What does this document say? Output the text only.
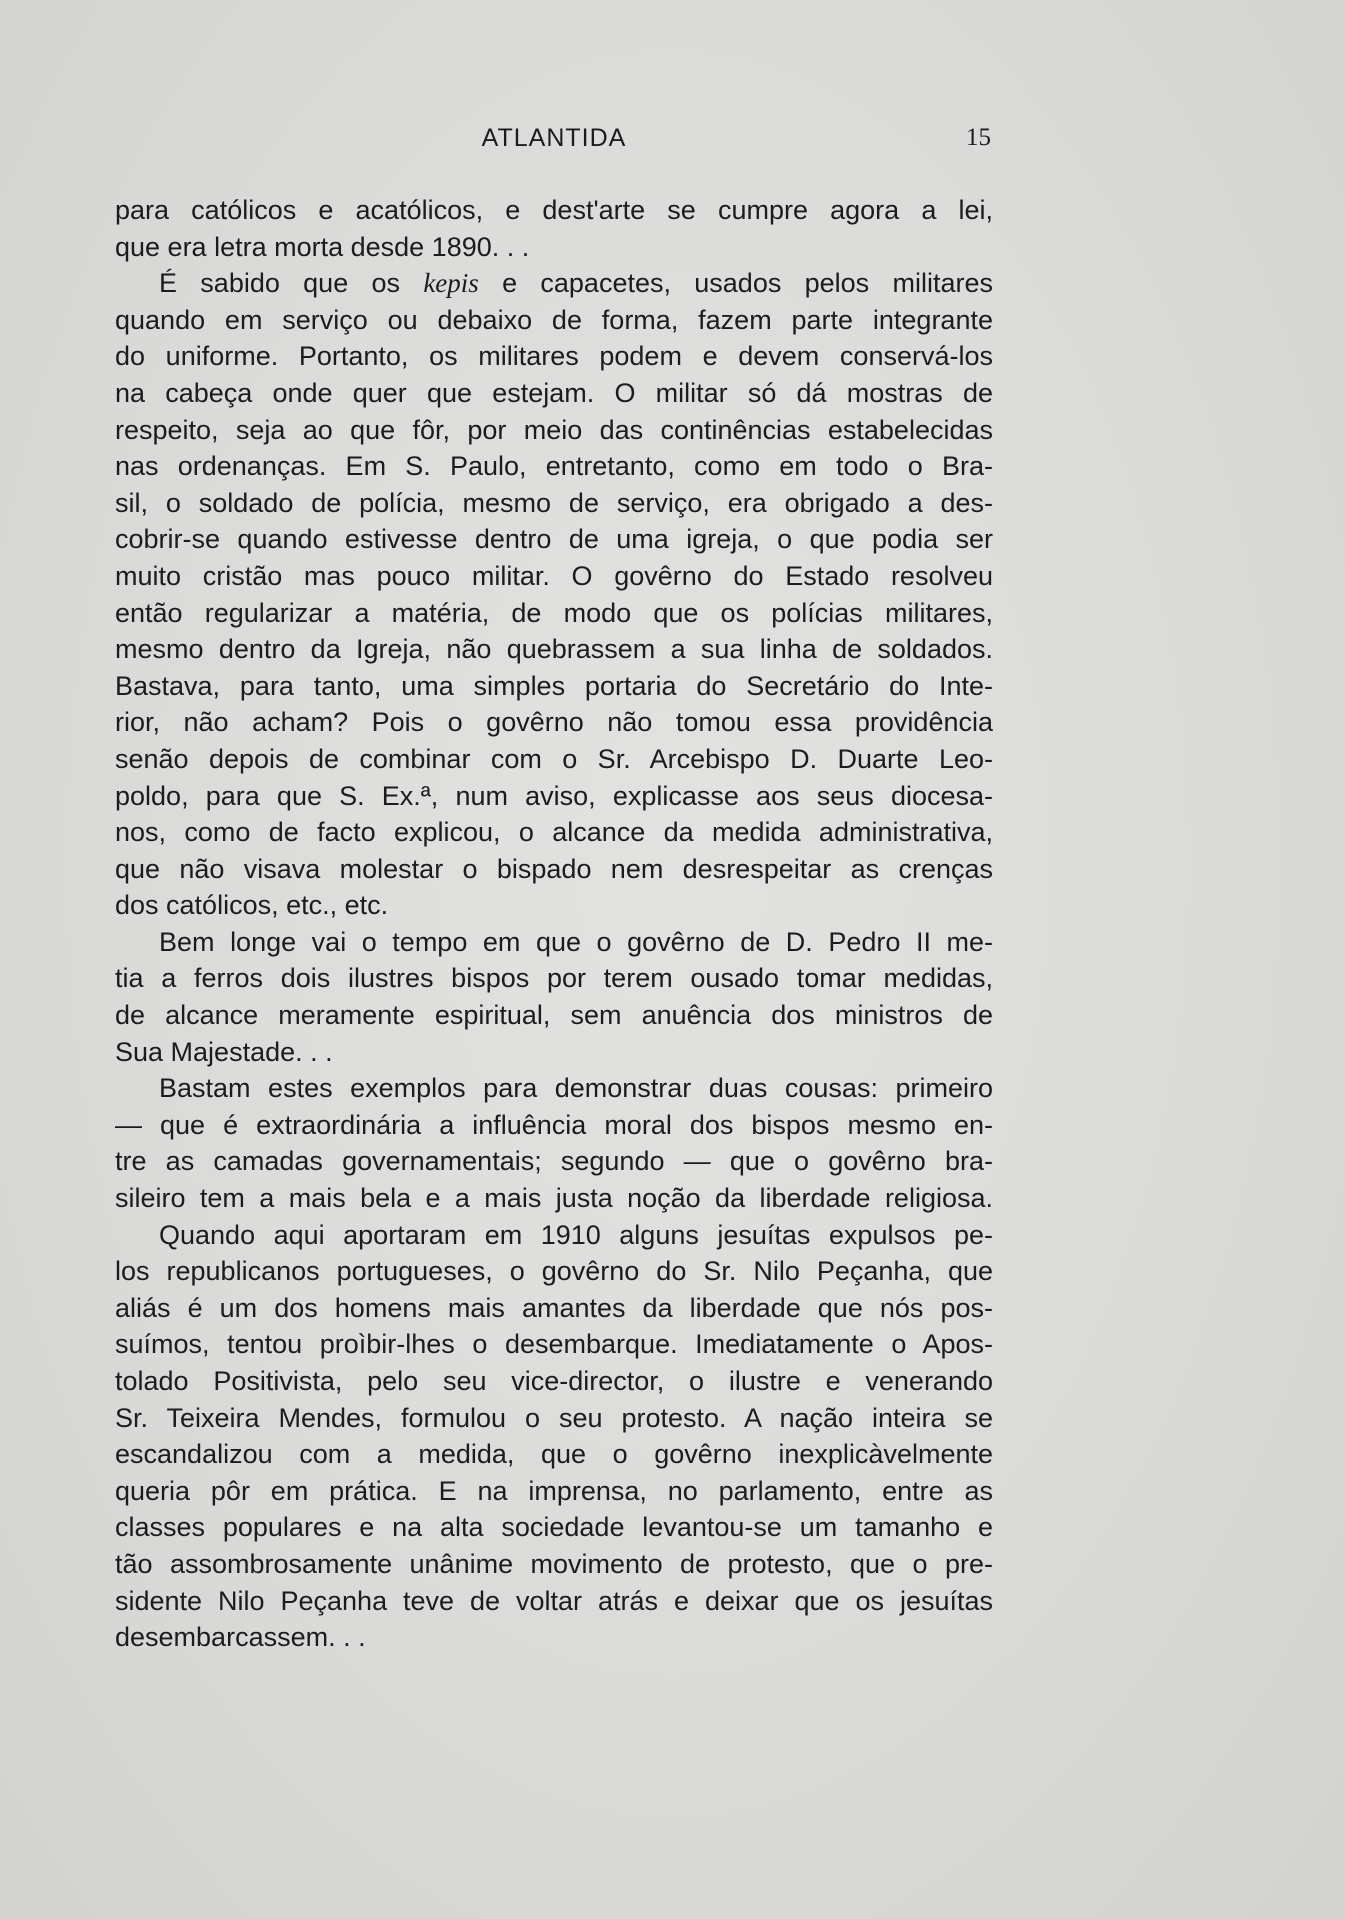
ATLANTIDA	15
para católicos e acatólicos, e dest'arte se cumpre agora a lei,
que era letra morta desde 1890. . .
É sabido que os kepis e capacetes, usados pelos militares
quando em serviço ou debaixo de forma, fazem parte integrante
do uniforme. Portanto, os militares podem e devem conservá-los
na cabeça onde quer que estejam. O militar só dá mostras de
respeito, seja ao que fôr, por meio das continências estabelecidas
nas ordenanças. Em S. Paulo, entretanto, como em todo o Bra-
sil, o soldado de polícia, mesmo de serviço, era obrigado a des-
cobrir-se quando estivesse dentro de uma igreja, o que podia ser
muito cristão mas pouco militar. O govêrno do Estado resolveu
então regularizar a matéria, de modo que os polícias militares,
mesmo dentro da Igreja, não quebrassem a sua linha de soldados.
Bastava, para tanto, uma simples portaria do Secretário do Inte-
rior, não acham? Pois o govêrno não tomou essa providência
senão depois de combinar com o Sr. Arcebispo D. Duarte Leo-
poldo, para que S. Ex.ª, num aviso, explicasse aos seus diocesa-
nos, como de facto explicou, o alcance da medida administrativa,
que não visava molestar o bispado nem desrespeitar as crenças
dos católicos, etc., etc.
Bem longe vai o tempo em que o govêrno de D. Pedro II me-
tia a ferros dois ilustres bispos por terem ousado tomar medidas,
de alcance meramente espiritual, sem anuência dos ministros de
Sua Majestade. . .
Bastam estes exemplos para demonstrar duas cousas: primeiro
— que é extraordinária a influência moral dos bispos mesmo en-
tre as camadas governamentais; segundo — que o govêrno bra-
sileiro tem a mais bela e a mais justa noção da liberdade religiosa.
Quando aqui aportaram em 1910 alguns jesuítas expulsos pe-
los republicanos portugueses, o govêrno do Sr. Nilo Peçanha, que
aliás é um dos homens mais amantes da liberdade que nós pos-
suímos, tentou proìbir-lhes o desembarque. Imediatamente o Apos-
tolado Positivista, pelo seu vice-director, o ilustre e venerando
Sr. Teixeira Mendes, formulou o seu protesto. A nação inteira se
escandalizou com a medida, que o govêrno inexplicàvelmente
queria pôr em prática. E na imprensa, no parlamento, entre as
classes populares e na alta sociedade levantou-se um tamanho e
tão assombrosamente unânime movimento de protesto, que o pre-
sidente Nilo Peçanha teve de voltar atrás e deixar que os jesuítas
desembarcassem. . .
